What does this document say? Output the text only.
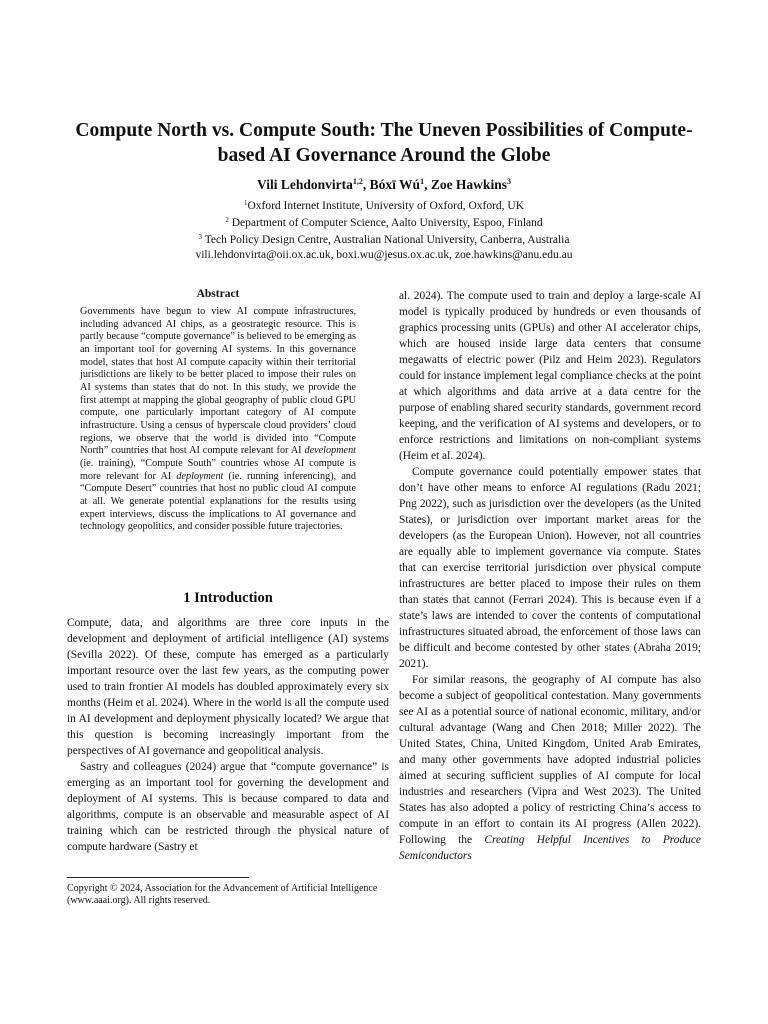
Compute North vs. Compute South: The Uneven Possibilities of Compute-
based AI Governance Around the Globe
Vili Lehdonvirta$^{1,2}$, Bóxī $Wú^1$, Zoe Hawkins$^3$
$^1$Oxford Internet Institute, University of Oxford, Oxford, UK
$^2$ Department of Computer Science, Aalto University, Espoo, Finland
$^3$ Tech Policy Design Centre, Australian National University, Canberra, Australia
vili.lehdonvirta@oii.ox.ac.uk, boxi.wu@jesus.ox.ac.uk, zoe.hawkins@anu.edu.au
Abstract
Governments have begun to view AI compute infrastructures, including advanced AI chips, as a geostrategic resource. This is partly because “compute governance” is believed to be emerging as an important tool for governing AI systems. In this governance model, states that host AI compute capacity within their territorial jurisdictions are likely to be better placed to impose their rules on AI systems than states that do not. In this study, we provide the first attempt at mapping the global geography of public cloud GPU compute, one particularly important category of AI compute infrastructure. Using a census of hyperscale cloud providers’ cloud regions, we observe that the world is divided into “Compute North” countries that host AI compute relevant for AI development (ie. training), “Compute South” countries whose AI compute is more relevant for AI deployment (ie. running inferencing), and “Compute Desert” countries that host no public cloud AI compute at all. We generate potential explanations for the results using expert interviews, discuss the implications to AI governance and technology geopolitics, and consider possible future trajectories.
1 Introduction

Compute, data, and algorithms are three core inputs in the development and deployment of artificial intelligence (AI) systems (Sevilla 2022). Of these, compute has emerged as a particularly important resource over the last few years, as the computing power used to train frontier AI models has doubled approximately every six months (Heim et al. 2024). Where in the world is all the compute used in AI development and deployment physically located? We argue that this question is becoming increasingly important from the perspectives of AI governance and geopolitical analysis.

Sastry and colleagues (2024) argue that “compute governance” is emerging as an important tool for governing the development and deployment of AI systems. This is because compared to data and algorithms, compute is an observable and measurable aspect of AI training which can be restricted through the physical nature of compute hardware (Sastry et

al. 2024). The compute used to train and deploy a large-scale AI model is typically produced by hundreds or even thousands of graphics processing units (GPUs) and other AI accelerator chips, which are housed inside large data centers that consume megawatts of electric power (Pilz and Heim 2023). Regulators could for instance implement legal compliance checks at the point at which algorithms and data arrive at a data centre for the purpose of enabling shared security standards, government record keeping, and the verification of AI systems and developers, or to enforce restrictions and limitations on non-compliant systems (Heim et al. 2024).

Compute governance could potentially empower states that don’t have other means to enforce AI regulations (Radu 2021; Png 2022), such as jurisdiction over the developers (as the United States), or jurisdiction over important market areas for the developers (as the European Union). However, not all countries are equally able to implement governance via compute. States that can exercise territorial jurisdiction over physical compute infrastructures are better placed to impose their rules on them than states that cannot (Ferrari 2024). This is because even if a state’s laws are intended to cover the contents of computational infrastructures situated abroad, the enforcement of those laws can be difficult and become contested by other states (Abraha 2019; 2021).

For similar reasons, the geography of AI compute has also become a subject of geopolitical contestation. Many governments see AI as a potential source of national economic, military, and/or cultural advantage (Wang and Chen 2018; Miller 2022). The United States, China, United Kingdom, United Arab Emirates, and many other governments have adopted industrial policies aimed at securing sufficient supplies of AI compute for local industries and researchers (Vipra and West 2023). The United States has also adopted a policy of restricting China’s access to compute in an effort to contain its AI progress (Allen 2022). Following the Creating Helpful Incentives to Produce Semiconductors

Copyright © 2024, Association for the Advancement of Artificial Intelligence (www.aaai.org). All rights reserved.
